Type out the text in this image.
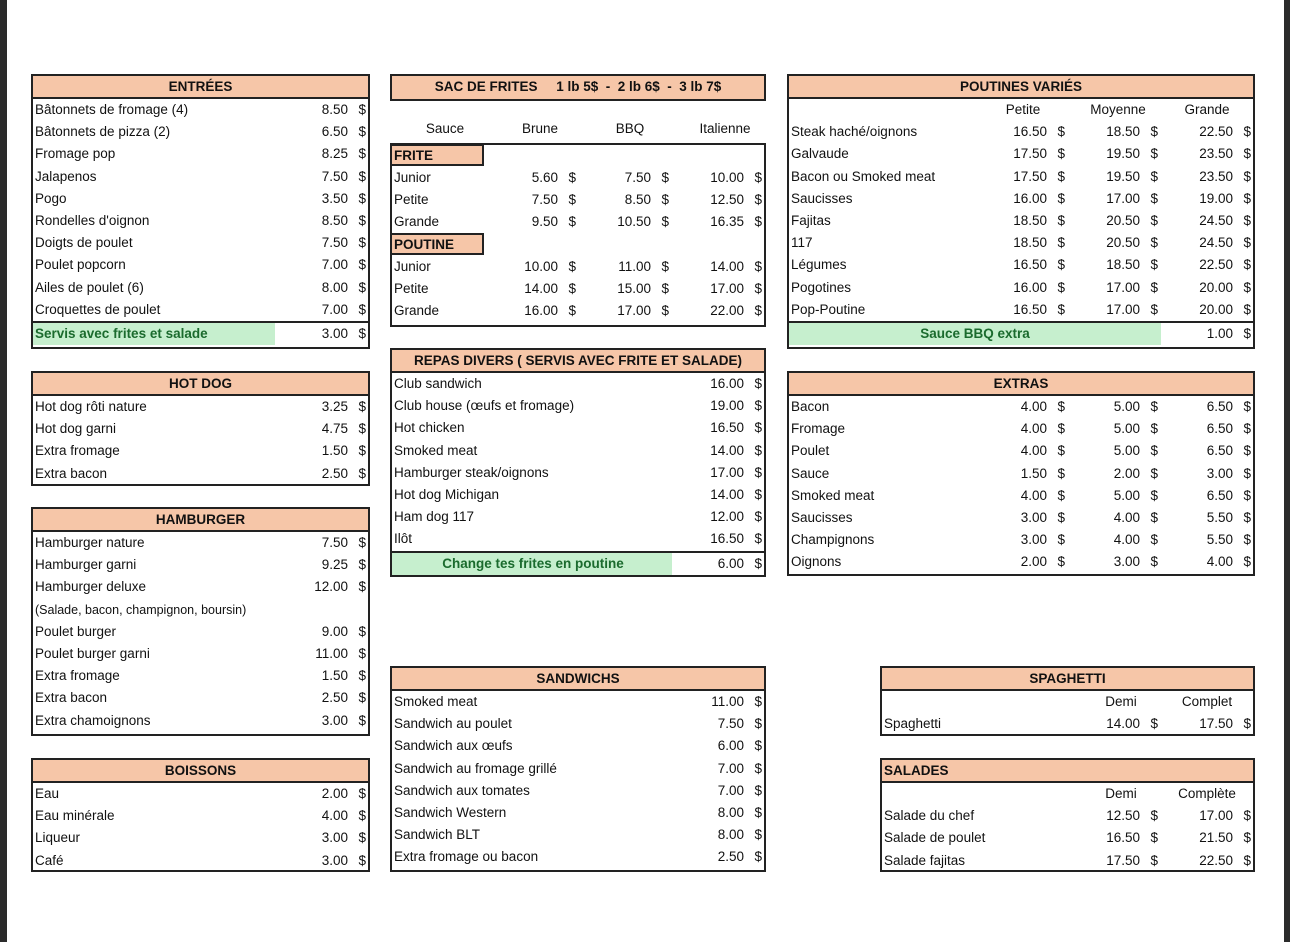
ENTRÉES
Bâtonnets de fromage (4)	8.50 $
Bâtonnets de pizza (2)	6.50 $
Fromage pop	8.25 $
Jalapenos	7.50 $
Pogo	3.50 $
Rondelles d'oignon	8.50 $
Doigts de poulet	7.50 $
Poulet popcorn	7.00 $
Ailes de poulet (6)	8.00 $
Croquettes de poulet	7.00 $
Servis avec frites et salade	3.00 $
HOT DOG
Hot dog rôti nature	3.25 $
Hot dog garni	4.75 $
Extra fromage	1.50 $
Extra bacon	2.50 $
HAMBURGER
Hamburger nature	7.50 $
Hamburger garni	9.25 $
Hamburger deluxe	12.00 $
(Salade, bacon, champignon, boursin)
Poulet burger	9.00 $
Poulet burger garni	11.00 $
Extra fromage	1.50 $
Extra bacon	2.50 $
Extra chamoignons	3.00 $
BOISSONS
Eau	2.00 $
Eau minérale	4.00 $
Liqueur	3.00 $
Café	3.00 $
SAC DE FRITES     1 lb 5$  -  2 lb 6$  -  3 lb 7$
Sauce	Brune	BBQ	Italienne
FRITE
Junior	5.60 $	7.50 $	10.00 $
Petite	7.50 $	8.50 $	12.50 $
Grande	9.50 $	10.50 $	16.35 $
POUTINE
Junior	10.00 $	11.00 $	14.00 $
Petite	14.00 $	15.00 $	17.00 $
Grande	16.00 $	17.00 $	22.00 $
REPAS DIVERS ( SERVIS AVEC FRITE ET SALADE)
Club sandwich	16.00 $
Club house (œufs et fromage)	19.00 $
Hot chicken	16.50 $
Smoked meat	14.00 $
Hamburger steak/oignons	17.00 $
Hot dog Michigan	14.00 $
Ham dog 117	12.00 $
Ilôt	16.50 $
Change tes frites en poutine	6.00 $
SANDWICHS
Smoked meat	11.00 $
Sandwich au poulet	7.50 $
Sandwich aux œufs	6.00 $
Sandwich au fromage grillé	7.00 $
Sandwich aux tomates	7.00 $
Sandwich Western	8.00 $
Sandwich BLT	8.00 $
Extra fromage ou bacon	2.50 $
POUTINES VARIÉS
Petite	Moyenne	Grande
Steak haché/oignons	16.50 $	18.50 $	22.50 $
Galvaude	17.50 $	19.50 $	23.50 $
Bacon ou Smoked meat	17.50 $	19.50 $	23.50 $
Saucisses	16.00 $	17.00 $	19.00 $
Fajitas	18.50 $	20.50 $	24.50 $
117	18.50 $	20.50 $	24.50 $
Légumes	16.50 $	18.50 $	22.50 $
Pogotines	16.00 $	17.00 $	20.00 $
Pop-Poutine	16.50 $	17.00 $	20.00 $
Sauce BBQ extra	1.00 $
EXTRAS
Bacon	4.00 $	5.00 $	6.50 $
Fromage	4.00 $	5.00 $	6.50 $
Poulet	4.00 $	5.00 $	6.50 $
Sauce	1.50 $	2.00 $	3.00 $
Smoked meat	4.00 $	5.00 $	6.50 $
Saucisses	3.00 $	4.00 $	5.50 $
Champignons	3.00 $	4.00 $	5.50 $
Oignons	2.00 $	3.00 $	4.00 $
SPAGHETTI
Demi	Complet
Spaghetti	14.00 $	17.50 $
SALADES
Demi	Complète
Salade du chef	12.50 $	17.00 $
Salade de poulet	16.50 $	21.50 $
Salade fajitas	17.50 $	22.50 $
